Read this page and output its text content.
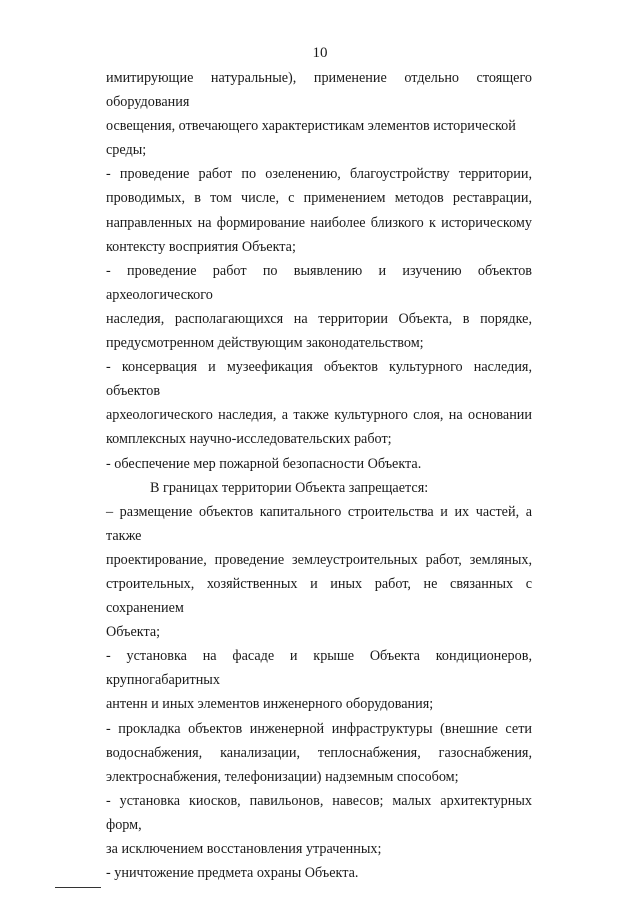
10

имитирующие натуральные), применение отдельно стоящего оборудования

освещения, отвечающего характеристикам элементов исторической среды;

- проведение работ по озеленению, благоустройству территории,

проводимых, в том числе, с применением методов реставрации,

направленных на формирование наиболее близкого к историческому

контексту восприятия Объекта;

- проведение работ по выявлению и изучению объектов археологического

наследия, располагающихся на территории Объекта, в порядке,

предусмотренном действующим законодательством;

- консервация и музеефикация объектов культурного наследия, объектов

археологического наследия, а также культурного слоя, на основании

комплексных научно-исследовательских работ;

- обеспечение мер пожарной безопасности Объекта.

В границах территории Объекта запрещается:

– размещение объектов капитального строительства и их частей, а также

проектирование, проведение землеустроительных работ, земляных,

строительных, хозяйственных и иных работ, не связанных с сохранением

Объекта;

- установка на фасаде и крыше Объекта кондиционеров, крупногабаритных

антенн и иных элементов инженерного оборудования;

- прокладка объектов инженерной инфраструктуры (внешние сети

водоснабжения, канализации, теплоснабжения, газоснабжения,

электроснабжения, телефонизации) надземным способом;

- установка киосков, павильонов, навесов; малых архитектурных форм,

за исключением восстановления утраченных;

- уничтожение предмета охраны Объекта.
